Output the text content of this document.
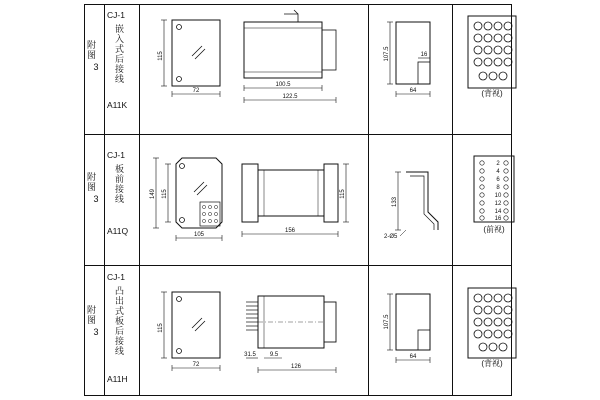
附图
3
CJ-1
嵌入式后接线
A11K
115
72
100.5
122.5
107.5	16
64	(背视)
附图
3
CJ-1
板前接线
A11Q
149 115
105
115
156
133
2-Ø5
2
4
6
8
10
12
14
16
(前视)
附图
3
CJ-1
凸出式板后接线
A11H
115
72
31.5 9.5
126
107.5
64
(背视)
